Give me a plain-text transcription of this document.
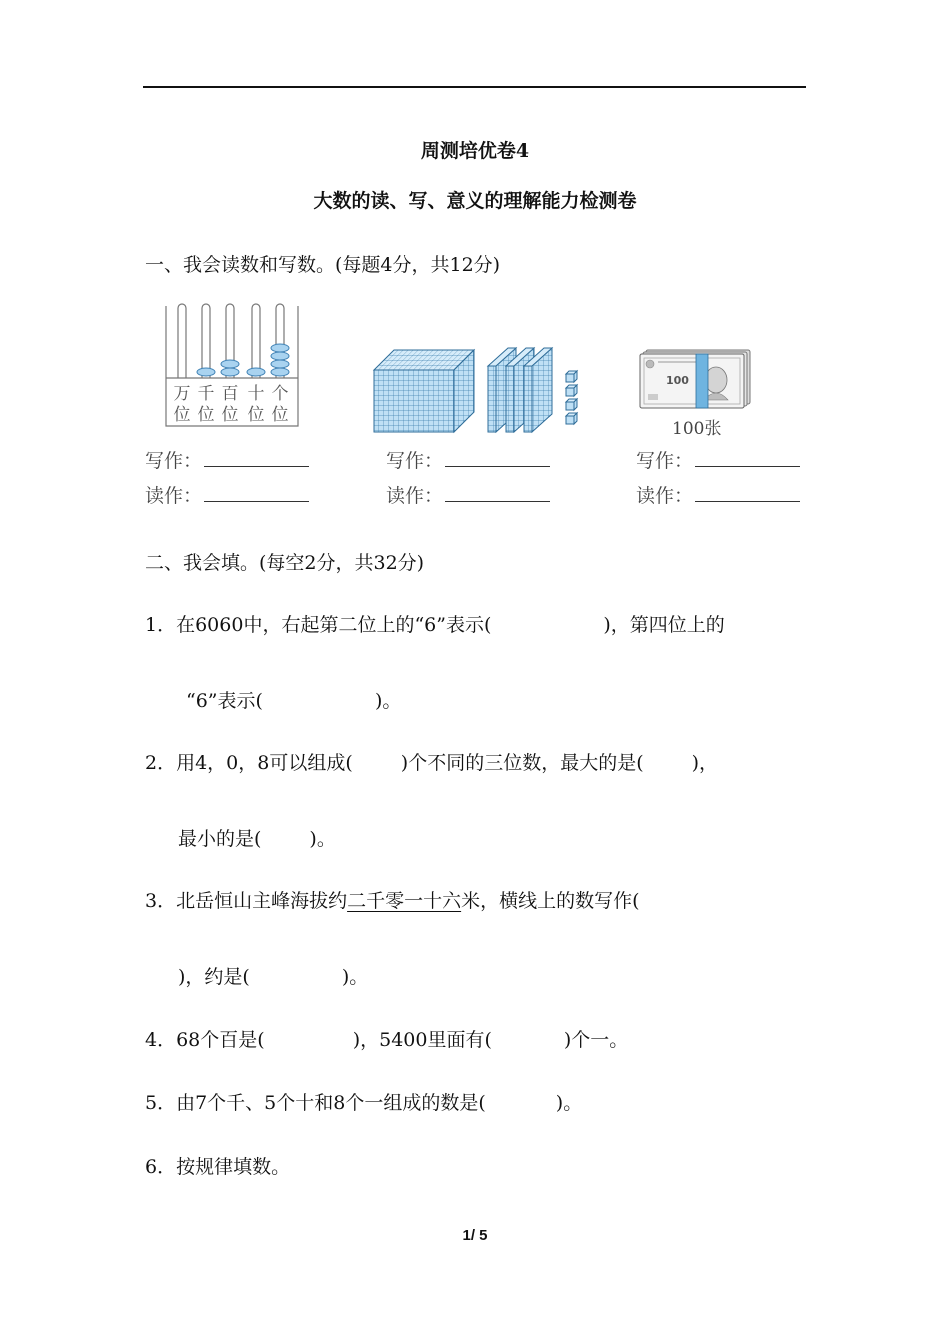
周测培优卷4
大数的读、写、意义的理解能力检测卷
一、我会读数和写数。(每题4分，共12分)
万 千 百 十 个
位 位 位 位 位
100
100张
写作：
读作：
写作：
读作：
写作：
读作：
二、我会填。(每空2分，共32分)
1．在6060中，右起第二位上的“6”表示(	)，第四位上的
“6”表示(	)。
2．用4，0，8可以组成(	)个不同的三位数，最大的是(	)，
最小的是(	)。
3．北岳恒山主峰海拔约二千零一十六米，横线上的数写作(
)，约是(	)。
4．68个百是(	)，5400里面有(	)个一。
5．由7个千、5个十和8个一组成的数是(	)。
6．按规律填数。
1/ 5
